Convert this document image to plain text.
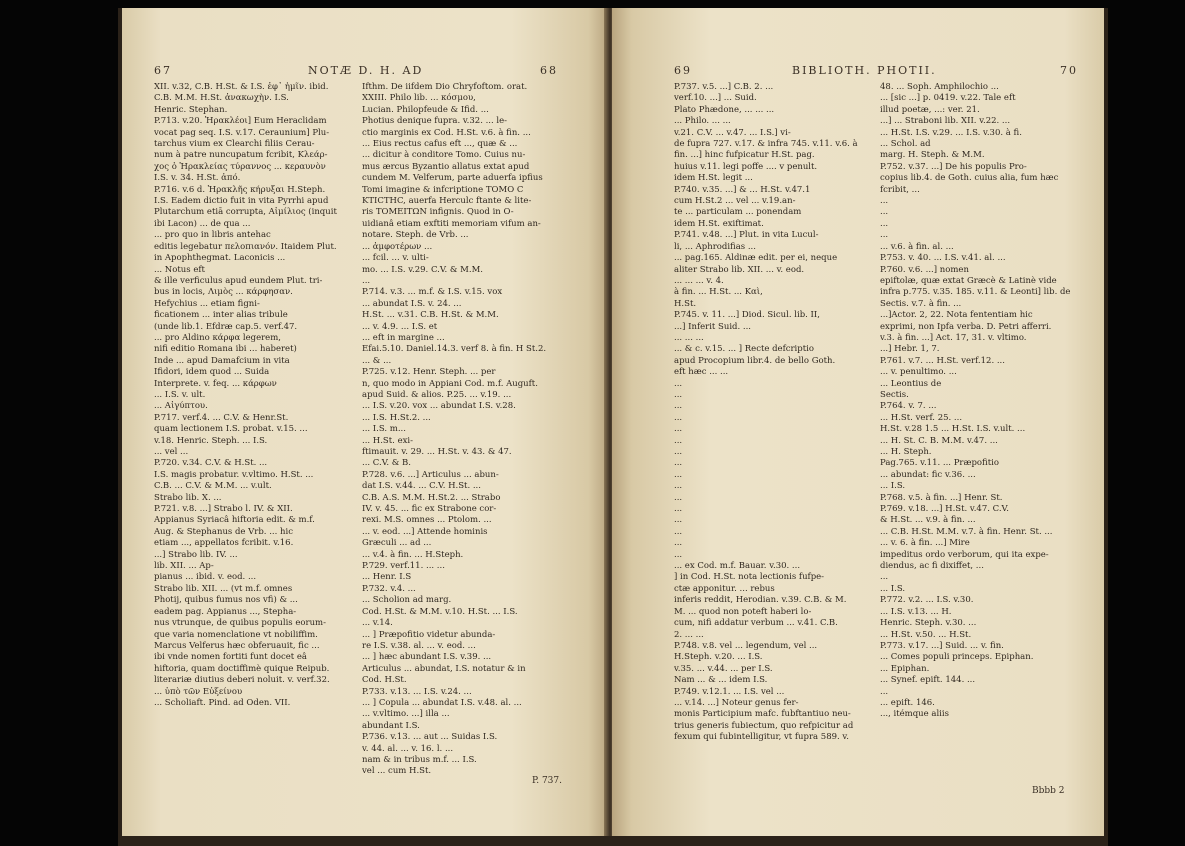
67	NOTÆ D. H. AD	68
XII. v.32, C.B. H.St. & I.S. ἐφ᾽ ἡμῖν. ibid.
C.B. M.M. H.St. ἀνακωχὴν. I.S.
Henric. Stephan.
P.713. v.20. Ἡρακλέοι] Eum Heraclidam
vocat pag seq. I.S. v.17. Ceraunium] Plu-
tarchus vium ex Clearchi filiis Cerau-
num à patre nuncupatum fcribit, Κλεάρ-
χος ὁ Ἡρακλείας τύραννος ... κεραυνὸν
I.S. v. 34. H.St. ἀπό.
P.716. v.6 d. Ἡρακλῆς κήρυξαι H.Steph.
I.S. Eadem dictio fuit in vita Pyrrhi apud
Plutarchum etiā corrupta, Αἰμίλιος (inquit
ibi Lacon) ... de qua ...
... pro quo in libris antehac
editis legebatur πελοπιανόν. Itaidem Plut.
in Apophthegmat. Laconicis ...
... Notus eft
& ille verficulus apud eundem Plut. tri-
bus in locis, Λιμὸς ... κάρφησαν.
Hefychius ... etiam figni-
ficationem ... inter alias tribule
(unde lib.1. Efdræ cap.5. verf.47.
... pro Aldino κάρφα legerem,
nifi editio Romana ibi ... haberet)
Inde ... apud Damafcium in vita
Ifidori, idem quod ... Suida
Interprete. v. feq. ... κάρφων
... I.S. v. ult.
... Αἰγύπτου.
P.717. verf.4. ... C.V. & Henr.St.
quam lectionem I.S. probat. v.15. ...
v.18. Henric. Steph. ... I.S.
... vel ...
P.720. v.34. C.V. & H.St. ...
I.S. magis probatur. v.vltimo. H.St. ...
C.B. ... C.V. & M.M. ... v.ult.
Strabo lib. X. ...
P.721. v.8. ...] Strabo l. IV. & XII.
Appianus Syriacâ hiftoria edit. & m.f.
Aug. & Stephanus de Vrb. ... hic
etiam ..., appellatos fcribit. v.16.
...] Strabo lib. IV. ...
lib. XII. ... Ap-
pianus ... ibid. v. eod. ...
Strabo lib. XII. ... (vt m.f. omnes
Photij, quibus fumus nos vfi) & ...
eadem pag. Appianus ..., Stepha-
nus vtrunque, de quibus populis eorum-
que varia nomenclatione vt nobiliffim.
Marcus Velferus hæc obferuauit, fic ...
ibi vnde nomen fortiti funt docet eâ
hiftoria, quam doctiffimè quique Reipub.
literariæ diutius deberi noluit. v. verf.32.
... ὑπὸ τῶν Εὐξείνου
... Scholiaft. Pind. ad Oden. VII.
Ifthm. De iifdem Dio Chryfoftom. orat.
XXIII. Philo lib. ... κόσμου,
Lucian. Philopfeude & Ifid. ...
Photius denique fupra. v.32. ... le-
ctio marginis ex Cod. H.St. v.6. à fin. ...
... Eius rectus cafus eft ..., quæ & ...
... dicitur à conditore Tomo. Cuius nu-
mus ærcus Byzantio allatus extat apud
cundem M. Velferum, parte aduerfa ipfius
Tomi imagine & infcriptione TOMO C
KTICTHC, auerfa Herculc ftante & lite-
ris TOMEITΩN infignis. Quod in O-
uidianâ etiam exftiti memoriam vifum an-
notare. Steph. de Vrb. ...
... ἀμφοτέρων ...
... fcil. ... v. ulti-
mo. ... I.S. v.29. C.V. & M.M.
...
P.714. v.3. ... m.f. & I.S. v.15. vox
... abundat I.S. v. 24. ...
H.St. ... v.31. C.B. H.St. & M.M.
... v. 4.9. ... I.S. et
... eft in margine ...
Efai.5.10. Daniel.14.3. verf 8. à fin. H St.2.
... & ...
P.725. v.12. Henr. Steph. ... per
n, quo modo in Appiani Cod. m.f. Auguft.
apud Suid. & alios. P.25. ... v.19. ...
... I.S. v.20. vox ... abundat I.S. v.28.
... I.S. H.St.2. ...
... I.S. m...
... H.St. exi-
ftimauit. v. 29. ... H.St. v. 43. & 47.
... C.V. & B.
P.728. v.6. ...] Articulus ... abun-
dat I.S. v.44. ... C.V. H.St. ...
C.B. A.S. M.M. H.St.2. ... Strabo
IV. v. 45. ... fic ex Strabone cor-
rexi. M.S. omnes ... Ptolom. ...
... v. eod. ...] Attende hominis
Græculi ... ad ...
... v.4. à fin. ... H.Steph.
P.729. verf.11. ... ...
... Henr. I.S
P.732. v.4. ...
... Scholion ad marg.
Cod. H.St. & M.M. v.10. H.St. ... I.S.
... v.14.
... ] Præpofitio videtur abunda-
re I.S. v.38. al. ... v. eod. ...
... ] hæc abundant I.S. v.39. ...
Articulus ... abundat, I.S. notatur & in
Cod. H.St.
P.733. v.13. ... I.S. v.24. ...
... ] Copula ... abundat I.S. v.48. al. ...
... v.vltimo. ...] illa ...
abundant I.S.
P.736. v.13. ... aut ... Suidas I.S.
v. 44. al. ... v. 16. l. ...
nam & in tribus m.f. ... I.S.
vel ... cum H.St.
P. 737.
69	BIBLIOTH. PHOTII.	70
P.737. v.5. ...] C.B. 2. ...
verf.10. ...] ... Suid.
Plato Phædone, ... ... ...
... Philo. ... ...
v.21. C.V. ... v.47. ... I.S.] vi-
de fupra 727. v.17. & infra 745. v.11. v.6. à
fin. ...] hinc fufpicatur H.St. pag.
huius v.11. legi poffe .... v penult.
idem H.St. legit ...
P.740. v.35. ...] & ... H.St. v.47.1
cum H.St.2 ... vel ... v.19.an-
te ... particulam ... ponendam
idem H.St. exiftimat.
P.741. v.48. ...] Plut. in vita Lucul-
li, ... Aphrodifias ...
... pag.165. Aldinæ edit. per ei, neque
aliter Strabo lib. XII. ... v. eod.
... ... ... v. 4.
à fin. ... H.St. ... Kαὶ,
H.St.
P.745. v. 11. ...] Diod. Sicul. lib. II,
...] Inferit Suid. ...
... ... ...
... & c. v.15. ... ] Recte defcriptio
apud Procopium libr.4. de bello Goth.
eft hæc ... ...
...
...
...
...
...
...
...
...
...
...
...
...
...
...
...
...
... ex Cod. m.f. Bauar. v.30. ...
] in Cod. H.St. nota lectionis fufpe-
ctæ apponitur. ... rebus
inferis reddit, Herodian. v.39. C.B. & M.
M. ... quod non poteft haberi lo-
cum, nifi addatur verbum ... v.41. C.B.
2. ... ...
P.748. v.8. vel ... legendum, vel ...
H.Steph. v.20. ... I.S.
v.35. ... v.44. ... per I.S.
Nam ... & ... idem I.S.
P.749. v.12.1. ... I.S. vel ...
... v.14. ...] Noteur genus fer-
monis Participium mafc. fubftantiuo neu-
trius generis fubiectum, quo refpicitur ad
fexum qui fubintelligitur, vt fupra 589. v.
48. ... Soph. Amphilochio ...
... [sic ...] p. 0419. v.22. Tale eft
illud poetæ, ...: ver. 21.
...] ... Straboni lib. XII. v.22. ...
... H.St. I.S. v.29. ... I.S. v.30. à fi.
... Schol. ad
marg. H. Steph. & M.M.
P.752. v.37. ...] De his populis Pro-
copius lib.4. de Goth. cuius alia, fum hæc
fcribit, ...
...
...
...
...
... v.6. à fin. al. ...
P.753. v. 40. ... I.S. v.41. al. ...
P.760. v.6. ...] nomen
epiftolæ, quæ extat Græcè & Latinè vide
infra p.775. v.35. 185. v.11. & Leonti] lib. de
Sectis. v.7. à fin. ...
...]Actor. 2, 22. Nota fententiam hic
exprimi, non Ipfa verba. D. Petri afferri.
v.3. à fin. ...] Act. 17, 31. v. vltimo.
...] Hebr. 1, 7.
P.761. v.7. ... H.St. verf.12. ...
... v. penultimo. ...
... Leontius de
Sectis.
P.764. v. 7. ...
... H.St. verf. 25. ...
H.St. v.28 1.5 ... H.St. I.S. v.ult. ...
... H. St. C. B. M.M. v.47. ...
... H. Steph.
Pag.765. v.11. ... Præpofitio
... abundat: fic v.36. ...
... I.S.
P.768. v.5. à fin. ...] Henr. St.
P.769. v.18. ...] H.St. v.47. C.V.
& H.St. ... v.9. à fin. ...
... C.B. H.St. M.M. v.7. à fin. Henr. St. ...
... v. 6. à fin. ...] Mire
impeditus ordo verborum, qui ita expe-
diendus, ac fi dixiffet, ...
...
... I.S.
P.772. v.2. ... I.S. v.30.
... I.S. v.13. ... H.
Henric. Steph. v.30. ...
... H.St. v.50. ... H.St.
P.773. v.17. ...] Suid. ... v. fin.
... Comes populi princeps. Epiphan.
... Epiphan.
... Synef. epift. 144. ...
...
... epift. 146.
..., itémque aliis
Bbbb 2
